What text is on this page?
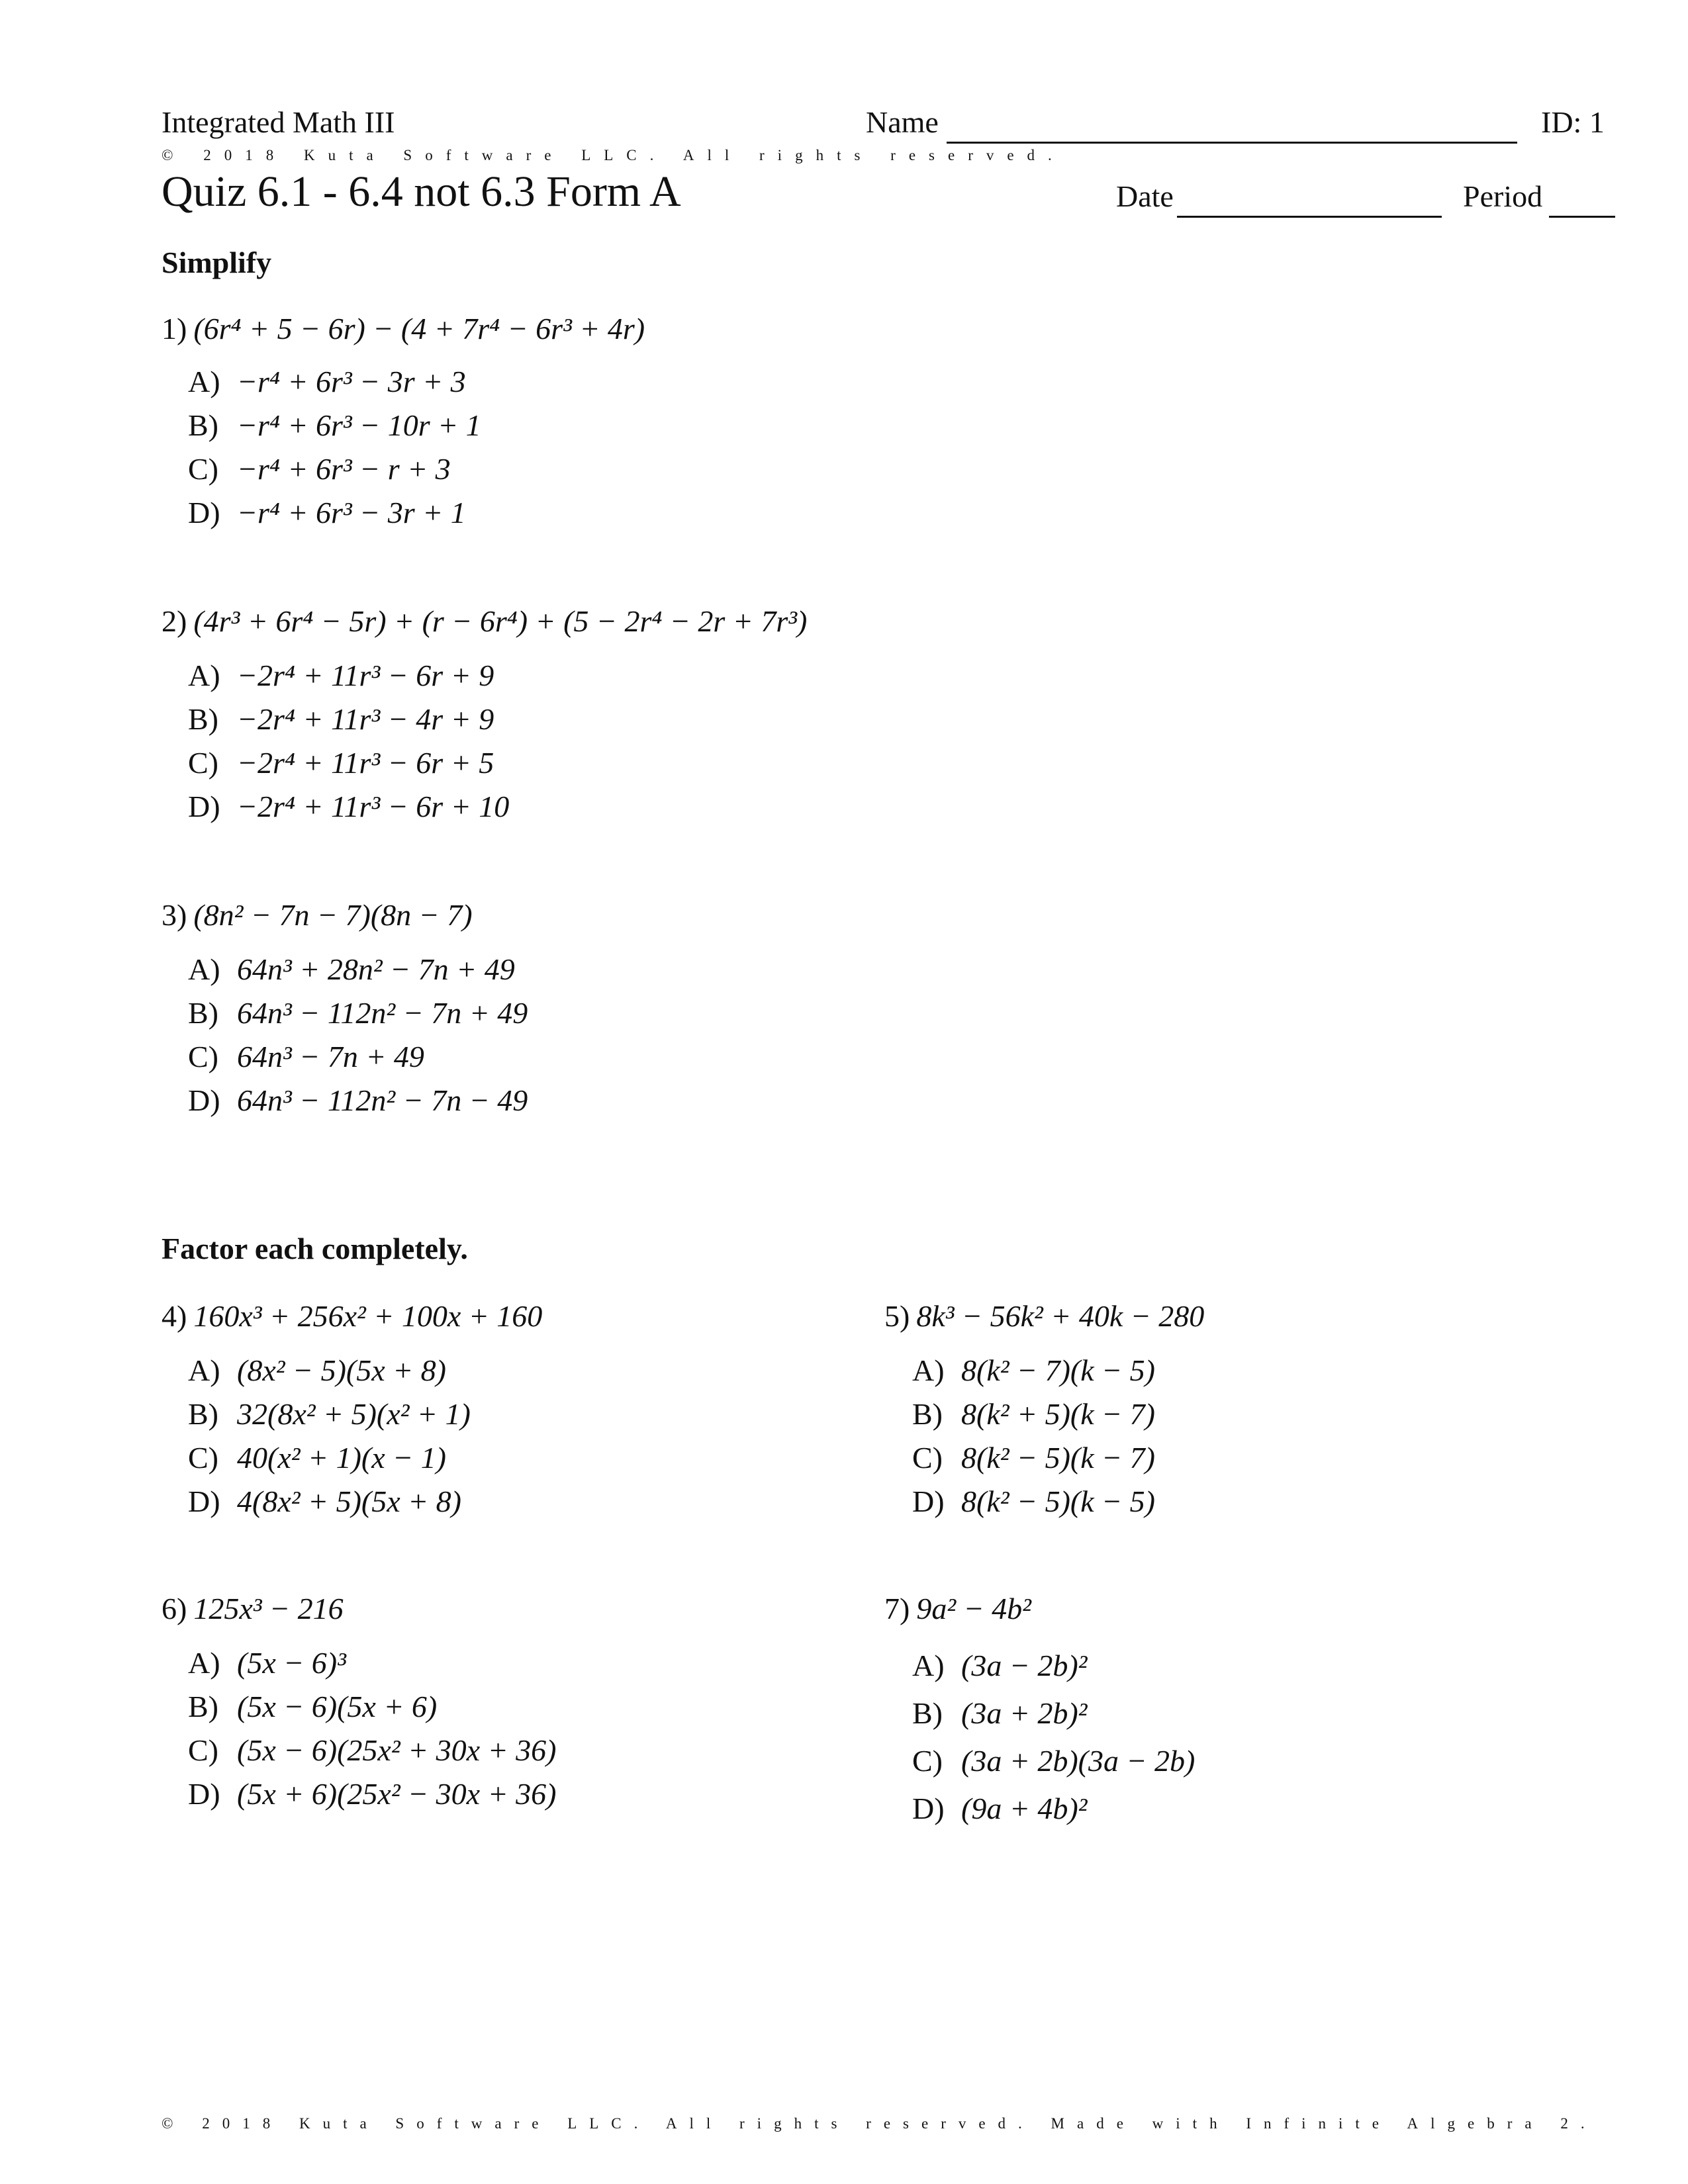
Integrated Math III	Name	ID: 1
© 2018 Kuta Software LLC. All rights reserved.
Quiz 6.1 - 6.4 not 6.3 Form A	Date	Period
Simplify
1) (6r⁴ + 5 − 6r) − (4 + 7r⁴ − 6r³ + 4r)
A) −r⁴ + 6r³ − 3r + 3
B) −r⁴ + 6r³ − 10r + 1
C) −r⁴ + 6r³ − r + 3
D) −r⁴ + 6r³ − 3r + 1
2) (4r³ + 6r⁴ − 5r) + (r − 6r⁴) + (5 − 2r⁴ − 2r + 7r³)
A) −2r⁴ + 11r³ − 6r + 9
B) −2r⁴ + 11r³ − 4r + 9
C) −2r⁴ + 11r³ − 6r + 5
D) −2r⁴ + 11r³ − 6r + 10
3) (8n² − 7n − 7)(8n − 7)
A) 64n³ + 28n² − 7n + 49
B) 64n³ − 112n² − 7n + 49
C) 64n³ − 7n + 49
D) 64n³ − 112n² − 7n − 49
Factor each completely.
4) 160x³ + 256x² + 100x + 160
A) (8x² − 5)(5x + 8)
B) 32(8x² + 5)(x² + 1)
C) 40(x² + 1)(x − 1)
D) 4(8x² + 5)(5x + 8)
5) 8k³ − 56k² + 40k − 280
A) 8(k² − 7)(k − 5)
B) 8(k² + 5)(k − 7)
C) 8(k² − 5)(k − 7)
D) 8(k² − 5)(k − 5)
6) 125x³ − 216
A) (5x − 6)³
B) (5x − 6)(5x + 6)
C) (5x − 6)(25x² + 30x + 36)
D) (5x + 6)(25x² − 30x + 36)
7) 9a² − 4b²
A) (3a − 2b)²
B) (3a + 2b)²
C) (3a + 2b)(3a − 2b)
D) (9a + 4b)²
© 2018 Kuta Software LLC. All rights reserved. Made with Infinite Algebra 2.
